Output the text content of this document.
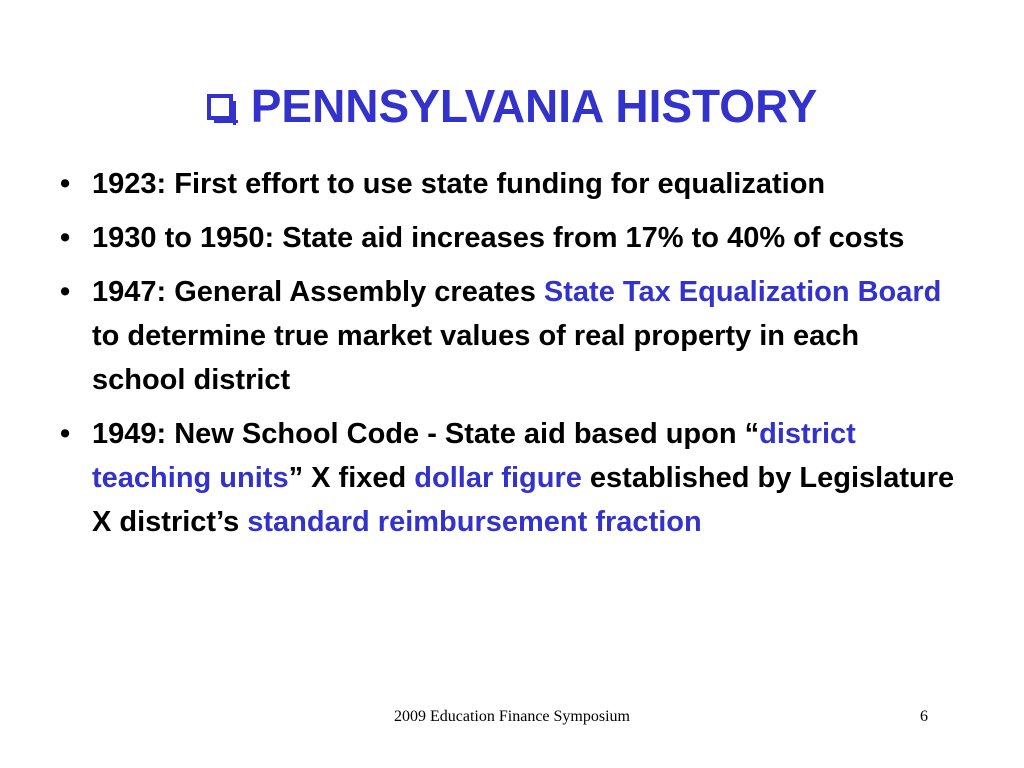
PENNSYLVANIA HISTORY
• 1923: First effort to use state funding for equalization
• 1930 to 1950: State aid increases from 17% to 40% of costs
• 1947: General Assembly creates State Tax Equalization Board to determine true market values of real property in each school district
• 1949: New School Code - State aid based upon “district teaching units” X fixed dollar figure established by Legislature X district’s standard reimbursement fraction
2009 Education Finance Symposium	6
